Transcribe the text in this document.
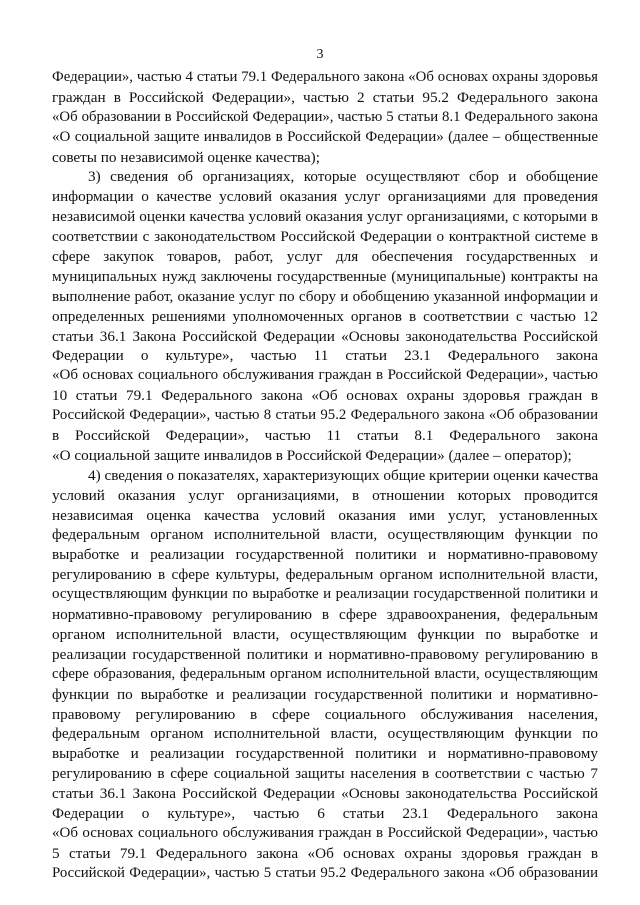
3
Федерации», частью 4 статьи 79.1 Федерального закона «Об основах охраны здоровья
граждан в Российской Федерации», частью 2 статьи 95.2 Федерального закона
«Об образовании в Российской Федерации», частью 5 статьи 8.1 Федерального закона
«О социальной защите инвалидов в Российской Федерации» (далее – общественные
советы по независимой оценке качества);
3) сведения об организациях, которые осуществляют сбор и обобщение
информации о качестве условий оказания услуг организациями для проведения
независимой оценки качества условий оказания услуг организациями, с которыми в
соответствии с законодательством Российской Федерации о контрактной системе в
сфере закупок товаров, работ, услуг для обеспечения государственных и
муниципальных нужд заключены государственные (муниципальные) контракты на
выполнение работ, оказание услуг по сбору и обобщению указанной информации и
определенных решениями уполномоченных органов в соответствии с частью 12
статьи 36.1 Закона Российской Федерации «Основы законодательства Российской
Федерации о культуре», частью 11 статьи 23.1 Федерального закона
«Об основах социального обслуживания граждан в Российской Федерации», частью
10 статьи 79.1 Федерального закона «Об основах охраны здоровья граждан в
Российской Федерации», частью 8 статьи 95.2 Федерального закона «Об образовании
в Российской Федерации», частью 11 статьи 8.1 Федерального закона
«О социальной защите инвалидов в Российской Федерации» (далее – оператор);
4) сведения о показателях, характеризующих общие критерии оценки качества
условий оказания услуг организациями, в отношении которых проводится
независимая оценка качества условий оказания ими услуг, установленных
федеральным органом исполнительной власти, осуществляющим функции по
выработке и реализации государственной политики и нормативно-правовому
регулированию в сфере культуры, федеральным органом исполнительной власти,
осуществляющим функции по выработке и реализации государственной политики и
нормативно-правовому регулированию в сфере здравоохранения, федеральным
органом исполнительной власти, осуществляющим функции по выработке и
реализации государственной политики и нормативно-правовому регулированию в
сфере образования, федеральным органом исполнительной власти, осуществляющим
функции по выработке и реализации государственной политики и нормативно-
правовому регулированию в сфере социального обслуживания населения,
федеральным органом исполнительной власти, осуществляющим функции по
выработке и реализации государственной политики и нормативно-правовому
регулированию в сфере социальной защиты населения в соответствии с частью 7
статьи 36.1 Закона Российской Федерации «Основы законодательства Российской
Федерации о культуре», частью 6 статьи 23.1 Федерального закона
«Об основах социального обслуживания граждан в Российской Федерации», частью
5 статьи 79.1 Федерального закона «Об основах охраны здоровья граждан в
Российской Федерации», частью 5 статьи 95.2 Федерального закона «Об образовании
